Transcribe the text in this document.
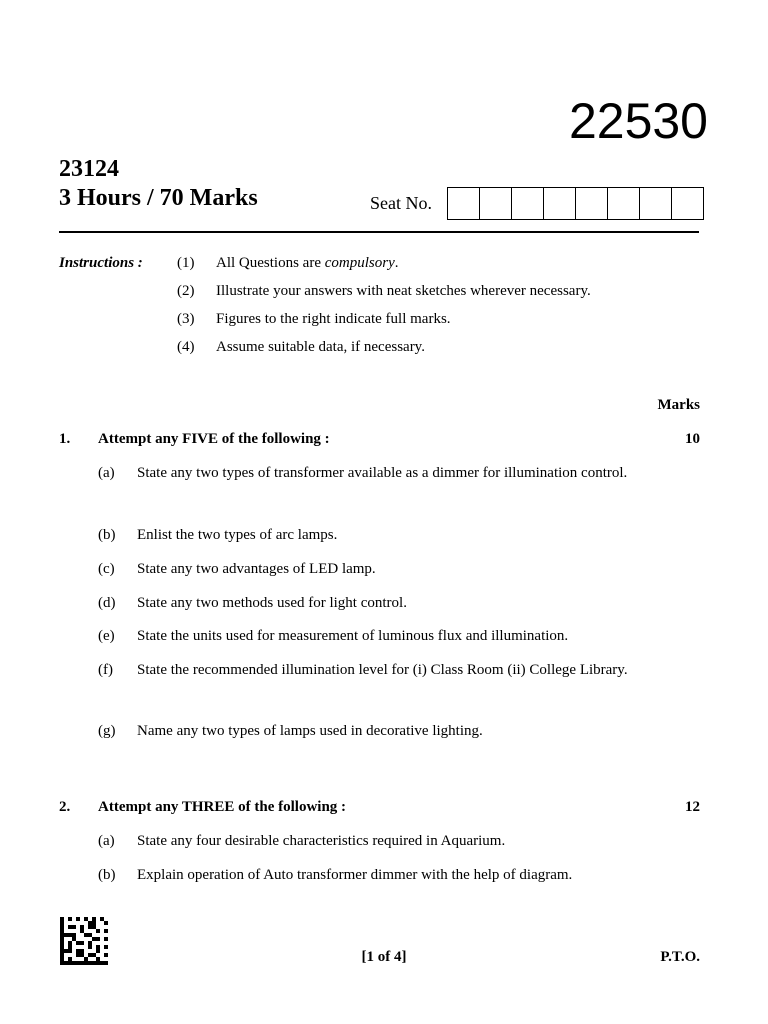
22530
23124
3 Hours / 70 Marks	Seat No.
Instructions : (1)	All Questions are compulsory.
(2)	Illustrate your answers with neat sketches wherever necessary.
(3)	Figures to the right indicate full marks.
(4)	Assume suitable data, if necessary.
Marks
1. Attempt any FIVE of the following :	10
(a)	State any two types of transformer available as a dimmer for illumination control.
(b)	Enlist the two types of arc lamps.
(c)	State any two advantages of LED lamp.
(d)	State any two methods used for light control.
(e)	State the units used for measurement of luminous flux and illumination.
(f)	State the recommended illumination level for (i) Class Room (ii) College Library.
(g)	Name any two types of lamps used in decorative lighting.
2. Attempt any THREE of the following :	12
(a)	State any four desirable characteristics required in Aquarium.
(b)	Explain operation of Auto transformer dimmer with the help of diagram.
[1 of 4]	P.T.O.
